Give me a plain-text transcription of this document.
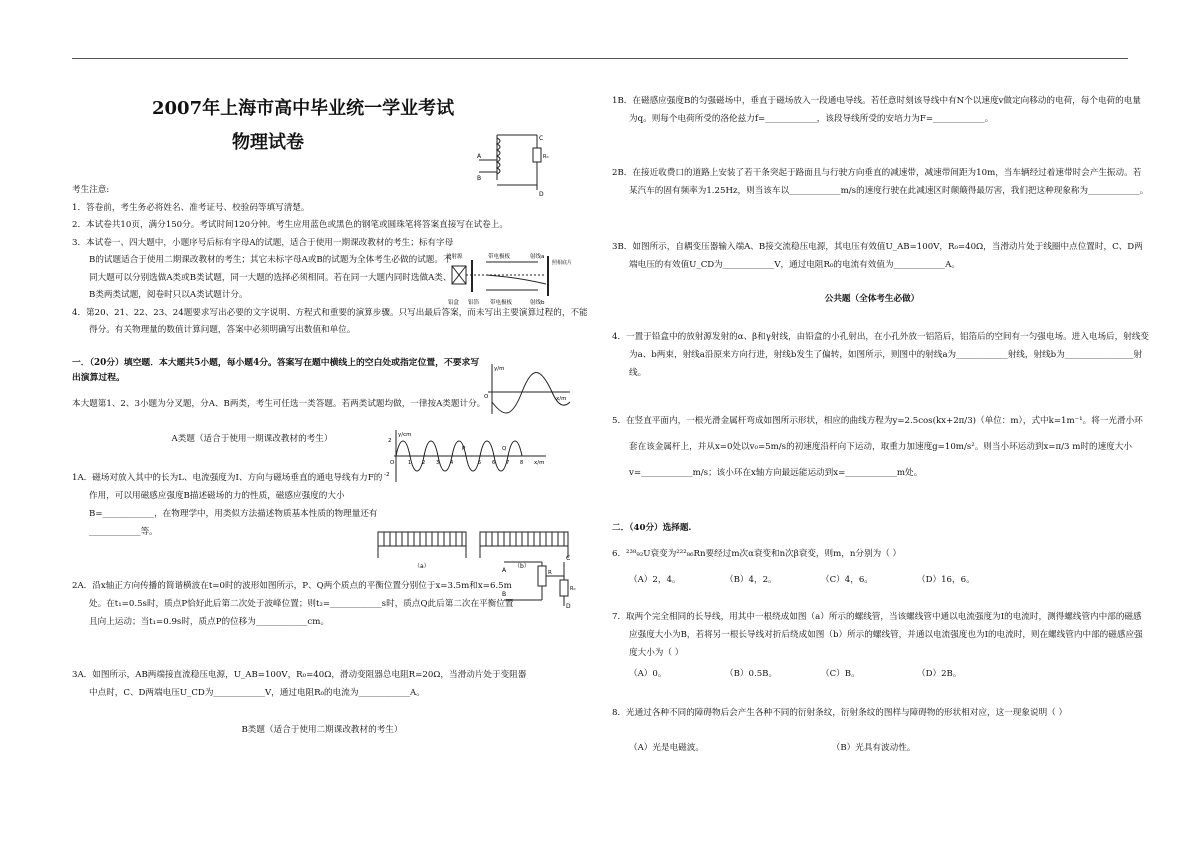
2007年上海市高中毕业统一学业考试
物理试卷
A
B
C
D
R₀
考生注意:
1．答卷前，考生务必将姓名、准考证号、校验码等填写清楚。
2．本试卷共10页，满分150分。考试时间120分钟。考生应用蓝色或黑色的钢笔或圆珠笔将答案直接写在试卷上。
3．本试卷一、四大题中，小题序号后标有字母A的试题，适合于使用一期课改教材的考生；标有字母B的试题适合于使用二期课改教材的考生；其它未标字母A或B的试题为全体考生必做的试题。不同大题可以分别选做A类或B类试题，同一大题的选择必须相同。若在同一大题内同时选做A类、B类两类试题，阅卷时只以A类试题计分。
4．第20、21、22、23、24题要求写出必要的文字说明、方程式和重要的演算步骤。只写出最后答案，而未写出主要演算过程的，不能得分。有关物理量的数值计算问题，答案中必须明确写出数值和单位。
放射源	带电极板	射线a
照相底片
铅盒 铝箔 带电极板	射线b
一．（20分）填空题．本大题共5小题，每小题4分。答案写在题中横线上的空白处或指定位置，不要求写出演算过程。
y/m
x/m
O
本大题第1、2、3小题为分叉题，分A、B两类，考生可任选一类答题。若两类试题均做，一律按A类题计分。
A类题（适合于使用一期课改教材的考生）	y/cm
x/m
2
-2
O
P	Q
1 2 3 4	5 6 7 8
1A．磁场对放入其中的长为L、电流强度为I、方向与磁场垂直的通电导线有力F的作用，可以用磁感应强度B描述磁场的力的性质，磁感应强度的大小B=____________，在物理学中，用类似方法描述物质基本性质的物理量还有____________等。
（a）	（b）
A
B
C
D
R₀
R
2A．沿x轴正方向传播的简谐横波在t=0时的波形如图所示，P、Q两个质点的平衡位置分别位于x=3.5m和x=6.5m处。在t₁=0.5s时，质点P恰好此后第二次处于波峰位置；则t₂=____________s时，质点Q此后第二次在平衡位置且向上运动；当t₁=0.9s时，质点P的位移为____________cm。
3A．如图所示，AB两端接直流稳压电源，U_AB=100V，R₀=40Ω，滑动变阻器总电阻R=20Ω，当滑动片处于变阻器中点时，C、D两端电压U_CD为____________V，通过电阻R₀的电流为____________A。
B类题（适合于使用二期课改教材的考生）
1B．在磁感应强度B的匀强磁场中，垂直于磁场放入一段通电导线。若任意时刻该导线中有N个以速度v做定向移动的电荷，每个电荷的电量为q。则每个电荷所受的洛伦兹力f=____________，该段导线所受的安培力为F=____________。
2B．在接近收费口的道路上安装了若干条突起于路面且与行驶方向垂直的减速带，减速带间距为10m，当车辆经过着速带时会产生振动。若某汽车的固有频率为1.25Hz，则当该车以____________m/s的速度行驶在此减速区时颠簸得最厉害，我们把这种现象称为____________。
3B．如图所示，自耦变压器输入端A、B接交流稳压电源，其电压有效值U_AB=100V，R₀=40Ω，当滑动片处于线圈中点位置时，C、D两端电压的有效值U_CD为____________V，通过电阻R₀的电流有效值为____________A。
公共题（全体考生必做）
4．一置于铅盒中的放射源发射的α、β和γ射线，由铅盒的小孔射出，在小孔外放一铝箔后，铝箔后的空间有一匀强电场。进入电场后，射线变为a、b两束，射线a沿原来方向行进，射线b发生了偏转，如图所示，则图中的射线a为____________射线，射线b为________________射线。
5．在竖直平面内，一根光滑金属杆弯成如图所示形状，相应的曲线方程为y=2.5cos(kx+2π/3)（单位：m），式中k=1m⁻¹。将一光滑小环套在该金属杆上，并从x=0处以v₀=5m/s的初速度沿杆向下运动，取重力加速度g=10m/s²。则当小环运动到x=π/3 m时的速度大小v=____________m/s；该小环在x轴方向最远能运动到x=____________m处。
二．（40分）选择题.
6．²³⁸₉₂U衰变为²²²₈₆Rn要经过m次α衰变和n次β衰变，则m，n分别为（ ）
（A）2，4。	（B）4，2。	（C）4，6。	（D）16，6。
7．取两个完全相同的长导线，用其中一根绕成如图（a）所示的螺线管，当该螺线管中通以电流强度为I的电流时，测得螺线管内中部的磁感应强度大小为B，若将另一根长导线对折后绕成如图（b）所示的螺线管，并通以电流强度也为I的电流时，则在螺线管内中部的磁感应强度大小为（ ）
（A）0。	（B）0.5B。	（C）B。	（D）2B。
8．光通过各种不同的障碍物后会产生各种不同的衍射条纹，衍射条纹的图样与障碍物的形状相对应，这一现象说明（ ）
（A）光是电磁波。	（B）光具有波动性。
